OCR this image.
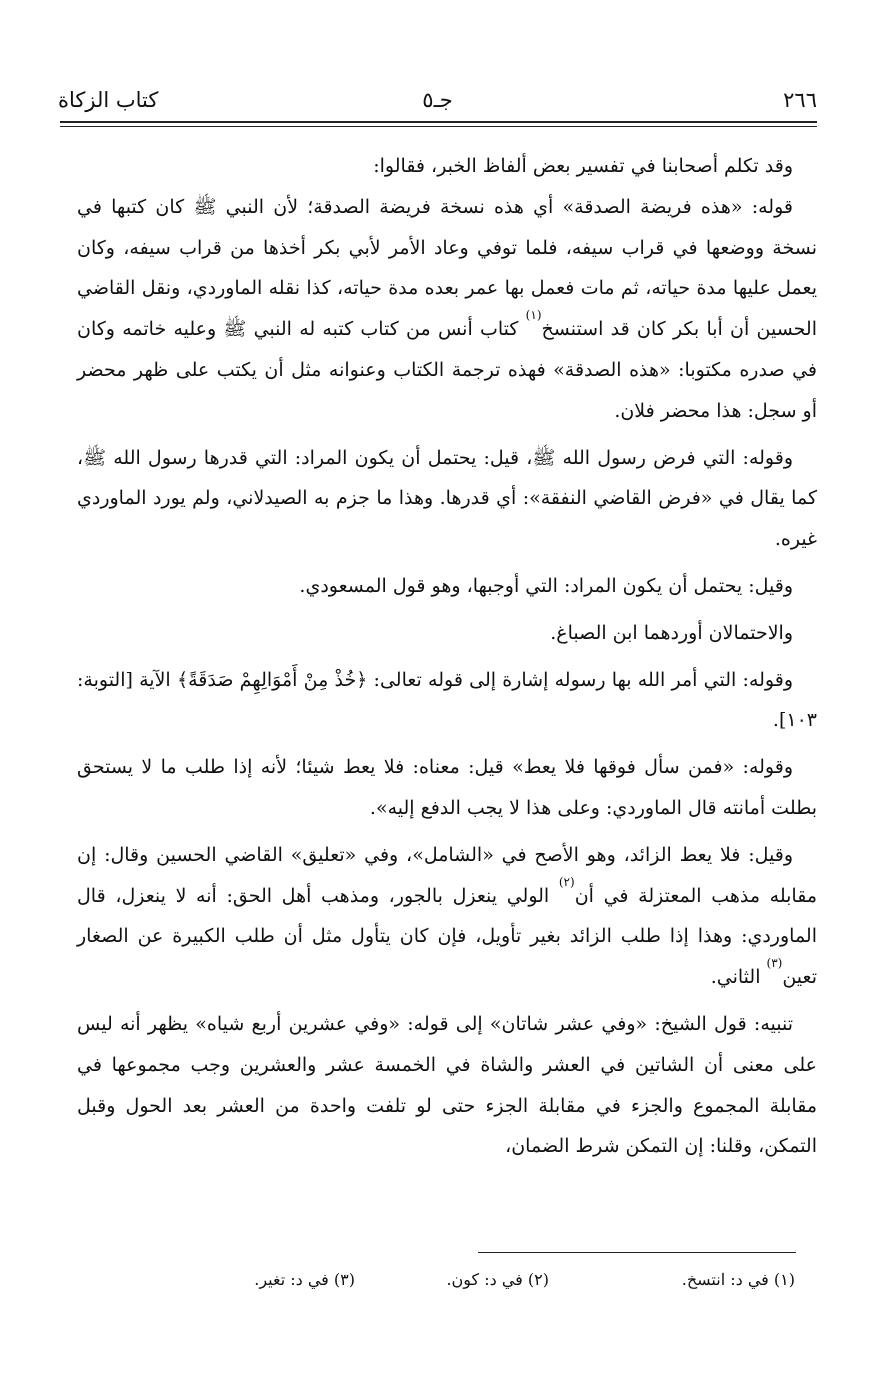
٢٦٦
جـ٥
كتاب الزكاة

وقد تكلم أصحابنا في تفسير بعض ألفاظ الخبر، فقالوا:

قوله: «هذه فريضة الصدقة» أي هذه نسخة فريضة الصدقة؛ لأن النبي ﷺ كان كتبها في نسخة ووضعها في قراب سيفه، فلما توفي وعاد الأمر لأبي بكر أخذها من قراب سيفه، وكان يعمل عليها مدة حياته، ثم مات فعمل بها عمر بعده مدة حياته، كذا نقله الماوردي، ونقل القاضي الحسين أن أبا بكر كان قد استنسخ$^{(١)}$ كتاب أنس من كتاب كتبه له النبي ﷺ وعليه خاتمه وكان في صدره مكتوبا: «هذه الصدقة» فهذه ترجمة الكتاب وعنوانه مثل أن يكتب على ظهر محضر أو سجل: هذا محضر فلان.

وقوله: التي فرض رسول الله ﷺ، قيل: يحتمل أن يكون المراد: التي قدرها رسول الله ﷺ، كما يقال في «فرض القاضي النفقة»: أي قدرها. وهذا ما جزم به الصيدلاني، ولم يورد الماوردي غيره.

وقيل: يحتمل أن يكون المراد: التي أوجبها، وهو قول المسعودي.

والاحتمالان أوردهما ابن الصباغ.

وقوله: التي أمر الله بها رسوله إشارة إلى قوله تعالى: ﴿خُذْ مِنْ أَمْوَالِهِمْ صَدَقَةً﴾ الآية [التوبة: ١٠٣].

وقوله: «فمن سأل فوقها فلا يعط» قيل: معناه: فلا يعط شيئا؛ لأنه إذا طلب ما لا يستحق بطلت أمانته قال الماوردي: وعلى هذا لا يجب الدفع إليه».

وقيل: فلا يعط الزائد، وهو الأصح في «الشامل»، وفي «تعليق» القاضي الحسين وقال: إن مقابله مذهب المعتزلة في أن$^{(٢)}$ الولي ينعزل بالجور، ومذهب أهل الحق: أنه لا ينعزل، قال الماوردي: وهذا إذا طلب الزائد بغير تأويل، فإن كان يتأول مثل أن طلب الكبيرة عن الصغار تعين$^{(٣)}$ الثاني.

تنبيه: قول الشيخ: «وفي عشر شاتان» إلى قوله: «وفي عشرين أربع شياه» يظهر أنه ليس على معنى أن الشاتين في العشر والشاة في الخمسة عشر والعشرين وجب مجموعها في مقابلة المجموع والجزء في مقابلة الجزء حتى لو تلفت واحدة من العشر بعد الحول وقبل التمكن، وقلنا: إن التمكن شرط الضمان،

(١) في د: انتسخ.
(٢) في د: كون.
(٣) في د: تغير.
